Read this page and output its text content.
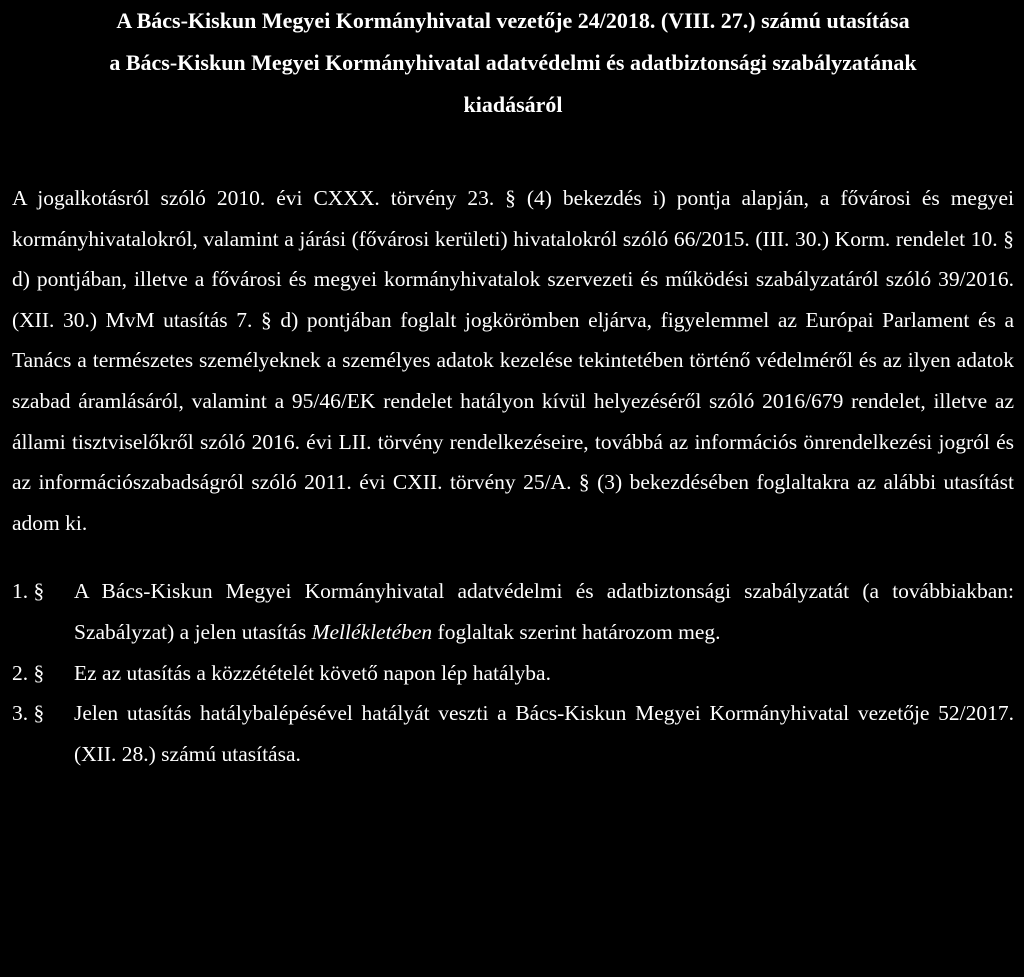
A Bács-Kiskun Megyei Kormányhivatal vezetője 24/2018. (VIII. 27.) számú utasítása
a Bács-Kiskun Megyei Kormányhivatal adatvédelmi és adatbiztonsági szabályzatának
kiadásáról

A jogalkotásról szóló 2010. évi CXXX. törvény 23. § (4) bekezdés i) pontja alapján, a fővárosi és megyei kormányhivatalokról, valamint a járási (fővárosi kerületi) hivatalokról szóló 66/2015. (III. 30.) Korm. rendelet 10. § d) pontjában, illetve a fővárosi és megyei kormányhivatalok szervezeti és működési szabályzatáról szóló 39/2016. (XII. 30.) MvM utasítás 7. § d) pontjában foglalt jogkörömben eljárva, figyelemmel az Európai Parlament és a Tanács a természetes személyeknek a személyes adatok kezelése tekintetében történő védelméről és az ilyen adatok szabad áramlásáról, valamint a 95/46/EK rendelet hatályon kívül helyezéséről szóló 2016/679 rendelet, illetve az állami tisztviselőkről szóló 2016. évi LII. törvény rendelkezéseire, továbbá az információs önrendelkezési jogról és az információszabadságról szóló 2011. évi CXII. törvény 25/A. § (3) bekezdésében foglaltakra az alábbi utasítást adom ki.

1. §	A Bács-Kiskun Megyei Kormányhivatal adatvédelmi és adatbiztonsági szabályzatát (a továbbiakban: Szabályzat) a jelen utasítás Mellékletében foglaltak szerint határozom meg.
2. §	Ez az utasítás a közzétételét követő napon lép hatályba.
3. §	Jelen utasítás hatálybalépésével hatályát veszti a Bács-Kiskun Megyei Kormányhivatal vezetője 52/2017. (XII. 28.) számú utasítása.
